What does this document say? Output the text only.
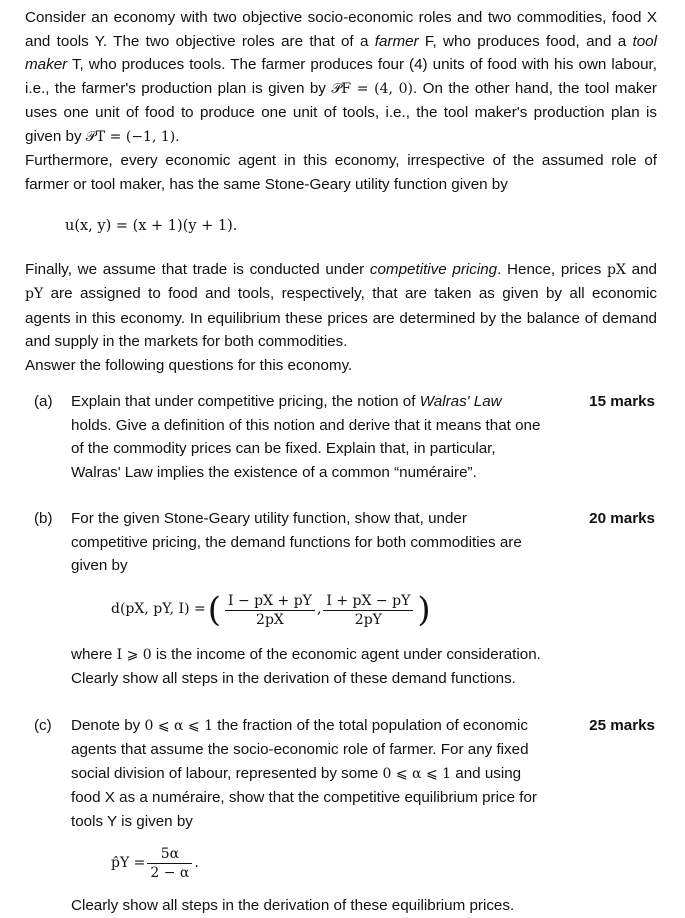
Consider an economy with two objective socio-economic roles and two commodities, food X and tools Y. The two objective roles are that of a farmer F, who produces food, and a tool maker T, who produces tools. The farmer produces four (4) units of food with his own labour, i.e., the farmer's production plan is given by 𝒫F = (4, 0). On the other hand, the tool maker uses one unit of food to produce one unit of tools, i.e., the tool maker's production plan is given by 𝒫T = (−1, 1).

Furthermore, every economic agent in this economy, irrespective of the assumed role of farmer or tool maker, has the same Stone-Geary utility function given by

u(x, y) = (x + 1)(y + 1).

Finally, we assume that trade is conducted under competitive pricing. Hence, prices pX and pY are assigned to food and tools, respectively, that are taken as given by all economic agents in this economy. In equilibrium these prices are determined by the balance of demand and supply in the markets for both commodities.

Answer the following questions for this economy.

(a)	15 marks

Explain that under competitive pricing, the notion of Walras' Law holds. Give a definition of this notion and derive that it means that one of the commodity prices can be fixed. Explain that, in particular, Walras' Law implies the existence of a common “numéraire”.

(b)	20 marks

For the given Stone-Geary utility function, show that, under competitive pricing, the demand functions for both commodities are given by

d(pX, pY, I) = ( $\frac{I - pX + pY}{2pX}$ , $\frac{I + pX - pY}{2pY}$ )

where I ⩾ 0 is the income of the economic agent under consideration. Clearly show all steps in the derivation of these demand functions.

(c)	25 marks

Denote by 0 ⩽ α ⩽ 1 the fraction of the total population of economic agents that assume the socio-economic role of farmer. For any fixed social division of labour, represented by some 0 ⩽ α ⩽ 1 and using food X as a numéraire, show that the competitive equilibrium price for tools Y is given by

p̂Y = $\frac{5\alpha}{2 - \alpha}$ .

Clearly show all steps in the derivation of these equilibrium prices.
